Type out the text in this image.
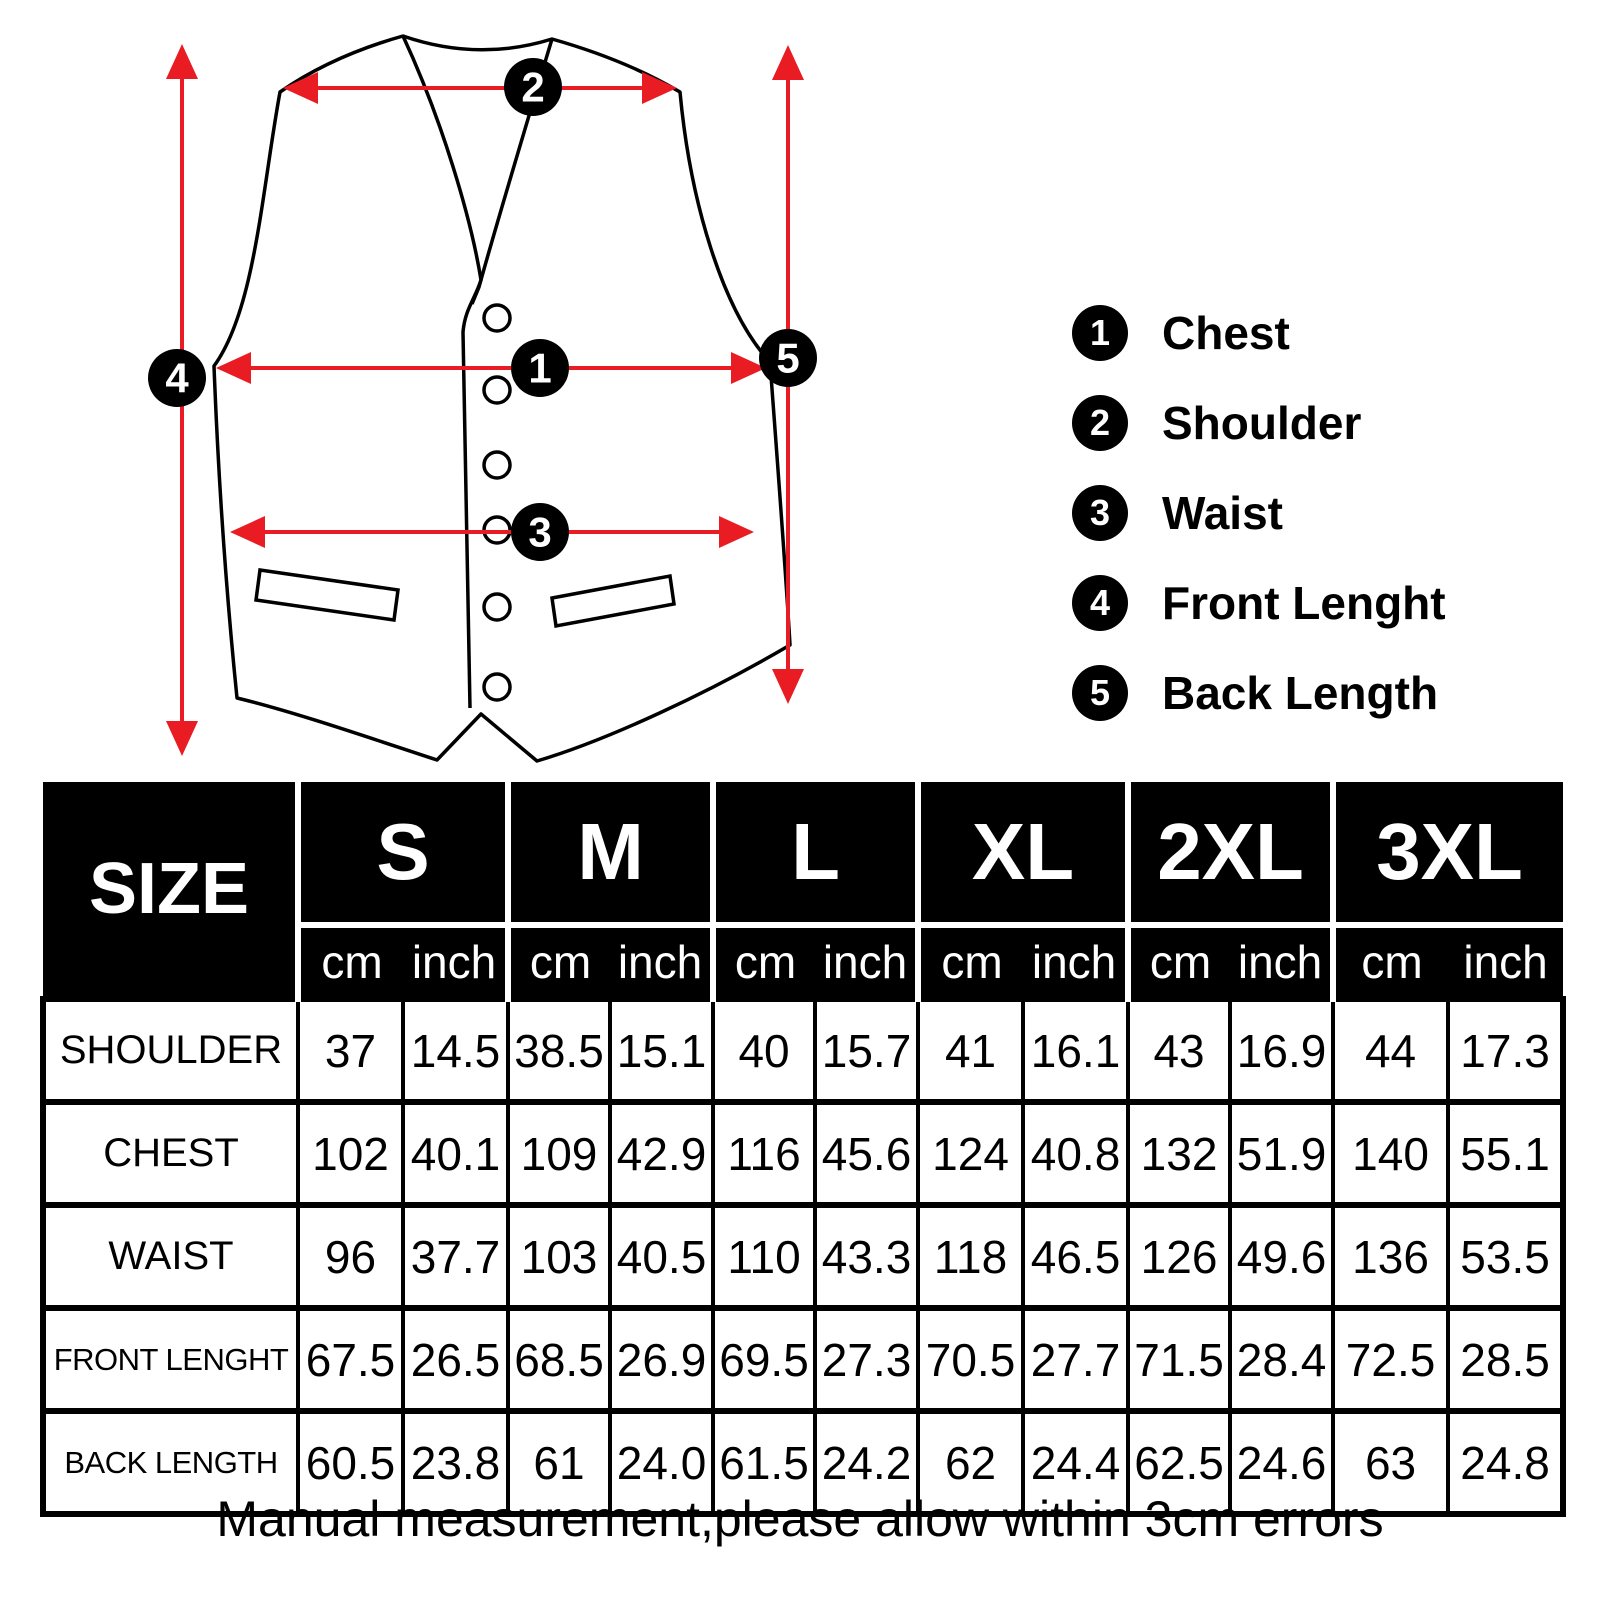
1
2
3
4	5
1	Chest
2	Shoulder
3	Waist
4	Front Lenght
5	Back Length
SIZE	S		M		L		XL		2XL		3XL	
	cm	inch	cm	inch	cm	inch	cm	inch	cm	inch	cm	inch
SHOULDER	37	14.5	38.5	15.1	40	15.7	41	16.1	43	16.9	44	17.3
CHEST	102	40.1	109	42.9	116	45.6	124	40.8	132	51.9	140	55.1
WAIST	96	37.7	103	40.5	110	43.3	118	46.5	126	49.6	136	53.5
FRONT LENGHT	67.5	26.5	68.5	26.9	69.5	27.3	70.5	27.7	71.5	28.4	72.5	28.5
BACK LENGTH	60.5	23.8	61	24.0	61.5	24.2	62	24.4	62.5	24.6	63	24.8
Manual measurement,please allow within 3cm errors
